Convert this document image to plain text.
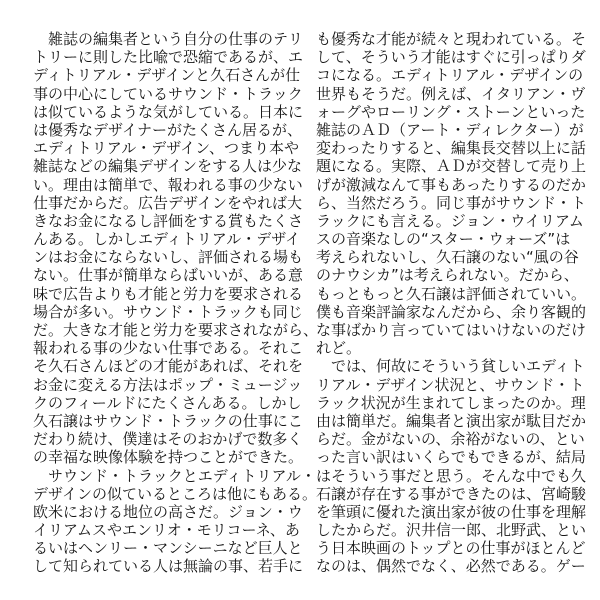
　雑誌の編集者という自分の仕事のテリ
トリーに則した比喩で恐縮であるが、エ
ディトリアル・デザインと久石さんが仕
事の中心にしているサウンド・トラック
は似ているような気がしている。日本に
は優秀なデザイナーがたくさん居るが、
エディトリアル・デザイン、つまり本や
雑誌などの編集デザインをする人は少な
い。理由は簡単で、報われる事の少ない
仕事だからだ。広告デザインをやれば大
きなお金になるし評価をする賞もたくさ
んある。しかしエディトリアル・デザイ
ンはお金にならないし、評価される場も
ない。仕事が簡単ならばいいが、ある意
味で広告よりも才能と労力を要求される
場合が多い。サウンド・トラックも同じ
だ。大きな才能と労力を要求されながら、
報われる事の少ない仕事である。それこ
そ久石さんほどの才能があれば、それを
お金に変える方法はポップ・ミュージッ
クのフィールドにたくさんある。しかし
久石譲はサウンド・トラックの仕事にこ
だわり続け、僕達はそのおかげで数多く
の幸福な映像体験を持つことができた。
　サウンド・トラックとエディトリアル・
デザインの似ているところは他にもある。
欧米における地位の高さだ。ジョン・ウ
イリアムスやエンリオ・モリコーネ、あ
るいはヘンリー・マンシーニなど巨人と
して知られている人は無論の事、若手に
も優秀な才能が続々と現われている。そ
して、そういう才能はすぐに引っぱりダ
コになる。エディトリアル・デザインの
世界もそうだ。例えば、イタリアン・ヴ
ォーグやローリング・ストーンといった
雑誌のＡＤ（アート・ディレクター）が
変わったりすると、編集長交替以上に話
題になる。実際、ＡＤが交替して売り上
げが激減なんて事もあったりするのだか
ら、当然だろう。同じ事がサウンド・ト
ラックにも言える。ジョン・ウイリアム
スの音楽なしの“スター・ウォーズ”は
考えられないし、久石譲のない“風の谷
のナウシカ”は考えられない。だから、
もっともっと久石譲は評価されていい。
僕も音楽評論家なんだから、余り客観的
な事ばかり言っていてはいけないのだけ
れど。
　では、何故にそういう貧しいエディト
リアル・デザイン状況と、サウンド・ト
ラック状況が生まれてしまったのか。理
由は簡単だ。編集者と演出家が駄目だか
らだ。金がないの、余裕がないの、とい
った言い訳はいくらでもできるが、結局
はそういう事だと思う。そんな中でも久
石譲が存在する事ができたのは、宮崎駿
を筆頭に優れた演出家が彼の仕事を理解
したからだ。沢井信一郎、北野武、とい
う日本映画のトップとの仕事がほとんど
なのは、偶然でなく、必然である。ゲー
